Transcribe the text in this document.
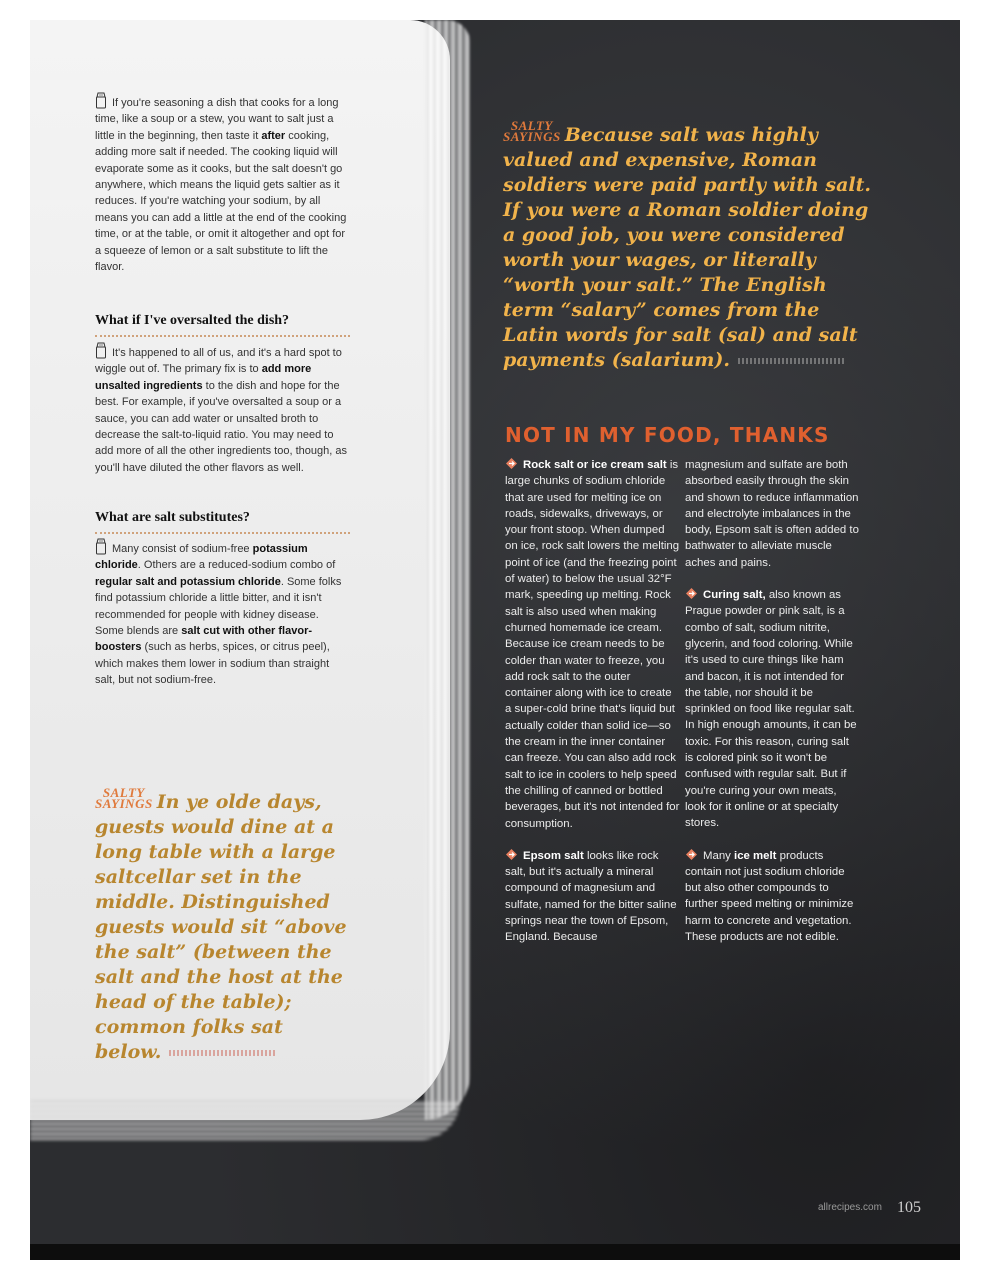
If you're seasoning a dish that cooks for a long time, like a soup or a stew, you want to salt just a little in the beginning, then taste it after cooking, adding more salt if needed. The cooking liquid will evaporate some as it cooks, but the salt doesn't go anywhere, which means the liquid gets saltier as it reduces. If you're watching your sodium, by all means you can add a little at the end of the cooking time, or at the table, or omit it altogether and opt for a squeeze of lemon or a salt substitute to lift the flavor.

What if I've oversalted the dish?

It's happened to all of us, and it's a hard spot to wiggle out of. The primary fix is to add more unsalted ingredients to the dish and hope for the best. For example, if you've oversalted a soup or a sauce, you can add water or unsalted broth to decrease the salt-to-liquid ratio. You may need to add more of all the other ingredients too, though, as you'll have diluted the other flavors as well.

What are salt substitutes?

Many consist of sodium-free potassium chloride. Others are a reduced-sodium combo of regular salt and potassium chloride. Some folks find potassium chloride a little bitter, and it isn't recommended for people with kidney disease. Some blends are salt cut with other flavor-boosters (such as herbs, spices, or citrus peel), which makes them lower in sodium than straight salt, but not sodium-free.

SALTY
SAYINGS In ye olde days, guests would dine at a long table with a large saltcellar set in the middle. Distinguished guests would sit “above the salt” (between the salt and the host at the head of the table); common folks sat below.
SALTY
SAYINGS Because salt was highly valued and expensive, Roman soldiers were paid partly with salt. If you were a Roman soldier doing a good job, you were considered worth your wages, or literally “worth your salt.” The English term “salary” comes from the Latin words for salt (sal) and salt payments (salarium).
NOT IN MY FOOD, THANKS

Rock salt or ice cream salt is large chunks of sodium chloride that are used for melting ice on roads, sidewalks, driveways, or your front stoop. When dumped on ice, rock salt lowers the melting point of ice (and the freezing point of water) to below the usual 32°F mark, speeding up melting. Rock salt is also used when making churned homemade ice cream. Because ice cream needs to be colder than water to freeze, you add rock salt to the outer container along with ice to create a super-cold brine that's liquid but actually colder than solid ice—so the cream in the inner container can freeze. You can also add rock salt to ice in coolers to help speed the chilling of canned or bottled beverages, but it's not intended for consumption.

Epsom salt looks like rock salt, but it's actually a mineral compound of magnesium and sulfate, named for the bitter saline springs near the town of Epsom, England. Because

magnesium and sulfate are both absorbed easily through the skin and shown to reduce inflammation and electrolyte imbalances in the body, Epsom salt is often added to bathwater to alleviate muscle aches and pains.

Curing salt, also known as Prague powder or pink salt, is a combo of salt, sodium nitrite, glycerin, and food coloring. While it's used to cure things like ham and bacon, it is not intended for the table, nor should it be sprinkled on food like regular salt. In high enough amounts, it can be toxic. For this reason, curing salt is colored pink so it won't be confused with regular salt. But if you're curing your own meats, look for it online or at specialty stores.

Many ice melt products contain not just sodium chloride but also other compounds to further speed melting or minimize harm to concrete and vegetation. These products are not edible.

allrecipes.com 105
